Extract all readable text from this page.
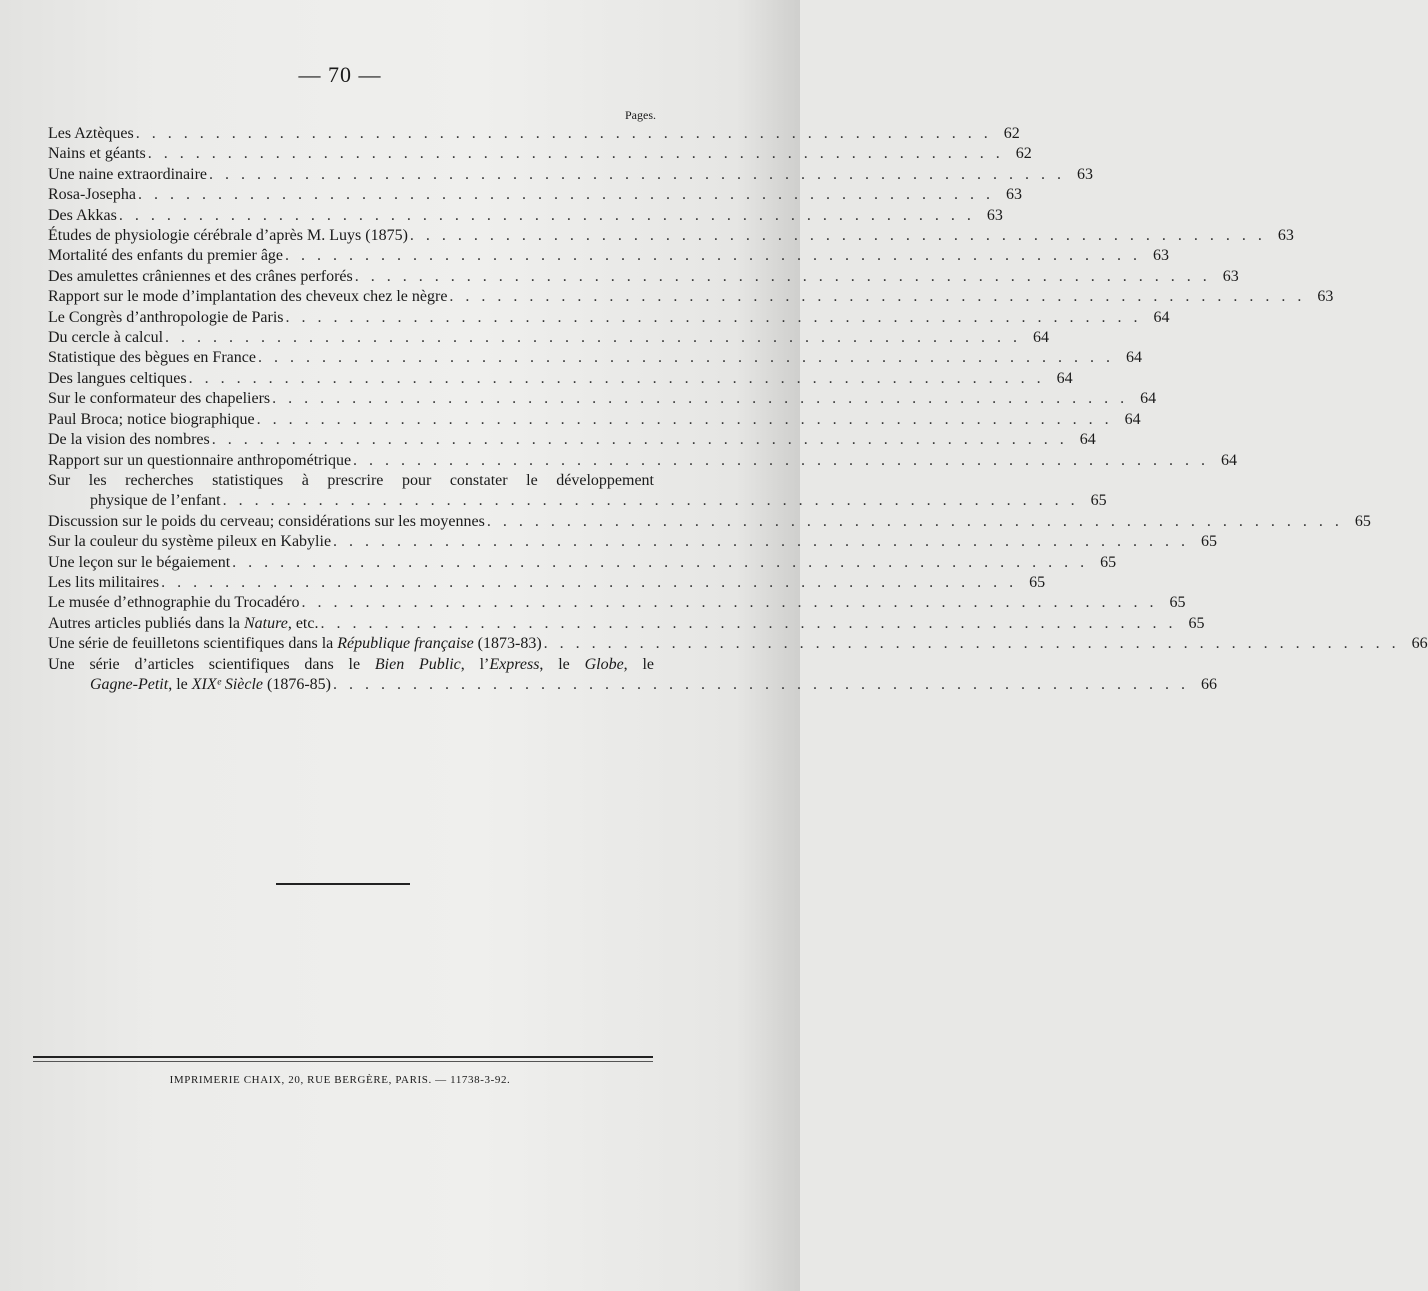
— 70 —
Pages.
Les Aztèques . . . . . . . . . . . . . . . . . . . . . . . . . . . . . . . . . . . . . . . . . . . . . . . . . . . . . . 62
Nains et géants . . . . . . . . . . . . . . . . . . . . . . . . . . . . . . . . . . . . . . . . . . . . . . . . . . . . . . 62
Une naine extraordinaire . . . . . . . . . . . . . . . . . . . . . . . . . . . . . . . . . . . . . . . . . . . . . . . . . . . . . . 63
Rosa-Josepha . . . . . . . . . . . . . . . . . . . . . . . . . . . . . . . . . . . . . . . . . . . . . . . . . . . . . . 63
Des Akkas . . . . . . . . . . . . . . . . . . . . . . . . . . . . . . . . . . . . . . . . . . . . . . . . . . . . . . 63
Études de physiologie cérébrale d’après M. Luys (1875) . . . . . . . . . . . . . . . . . . . . . . . . . . . . . . . . . . . . . . . . . . . . . . . . . . . . . . 63
Mortalité des enfants du premier âge . . . . . . . . . . . . . . . . . . . . . . . . . . . . . . . . . . . . . . . . . . . . . . . . . . . . . . 63
Des amulettes crâniennes et des crânes perforés . . . . . . . . . . . . . . . . . . . . . . . . . . . . . . . . . . . . . . . . . . . . . . . . . . . . . . 63
Rapport sur le mode d’implantation des cheveux chez le nègre . . . . . . . . . . . . . . . . . . . . . . . . . . . . . . . . . . . . . . . . . . . . . . . . . . . . . . 63
Le Congrès d’anthropologie de Paris . . . . . . . . . . . . . . . . . . . . . . . . . . . . . . . . . . . . . . . . . . . . . . . . . . . . . . 64
Du cercle à calcul . . . . . . . . . . . . . . . . . . . . . . . . . . . . . . . . . . . . . . . . . . . . . . . . . . . . . . 64
Statistique des bègues en France . . . . . . . . . . . . . . . . . . . . . . . . . . . . . . . . . . . . . . . . . . . . . . . . . . . . . . 64
Des langues celtiques . . . . . . . . . . . . . . . . . . . . . . . . . . . . . . . . . . . . . . . . . . . . . . . . . . . . . . 64
Sur le conformateur des chapeliers . . . . . . . . . . . . . . . . . . . . . . . . . . . . . . . . . . . . . . . . . . . . . . . . . . . . . . 64
Paul Broca; notice biographique . . . . . . . . . . . . . . . . . . . . . . . . . . . . . . . . . . . . . . . . . . . . . . . . . . . . . . 64
De la vision des nombres . . . . . . . . . . . . . . . . . . . . . . . . . . . . . . . . . . . . . . . . . . . . . . . . . . . . . . 64
Rapport sur un questionnaire anthropométrique . . . . . . . . . . . . . . . . . . . . . . . . . . . . . . . . . . . . . . . . . . . . . . . . . . . . . . 64
Sur les recherches statistiques à prescrire pour constater le développement
physique de l’enfant . . . . . . . . . . . . . . . . . . . . . . . . . . . . . . . . . . . . . . . . . . . . . . . . . . . . . . 65
Discussion sur le poids du cerveau; considérations sur les moyennes . . . . . . . . . . . . . . . . . . . . . . . . . . . . . . . . . . . . . . . . . . . . . . . . . . . . . . 65
Sur la couleur du système pileux en Kabylie . . . . . . . . . . . . . . . . . . . . . . . . . . . . . . . . . . . . . . . . . . . . . . . . . . . . . . 65
Une leçon sur le bégaiement . . . . . . . . . . . . . . . . . . . . . . . . . . . . . . . . . . . . . . . . . . . . . . . . . . . . . . 65
Les lits militaires . . . . . . . . . . . . . . . . . . . . . . . . . . . . . . . . . . . . . . . . . . . . . . . . . . . . . . 65
Le musée d’ethnographie du Trocadéro . . . . . . . . . . . . . . . . . . . . . . . . . . . . . . . . . . . . . . . . . . . . . . . . . . . . . . 65
Autres articles publiés dans la Nature, etc. . . . . . . . . . . . . . . . . . . . . . . . . . . . . . . . . . . . . . . . . . . . . . . . . . . . . . . 65
Une série de feuilletons scientifiques dans la République française (1873-83) . . . . . . . . . . . . . . . . . . . . . . . . . . . . . . . . . . . . . . . . . . . . . . . . . . . . . . 66
Une série d’articles scientifiques dans le Bien Public, l’Express, le Globe, le
Gagne-Petit, le XIXᵉ Siècle (1876-85) . . . . . . . . . . . . . . . . . . . . . . . . . . . . . . . . . . . . . . . . . . . . . . . . . . . . . . 66
IMPRIMERIE CHAIX, 20, RUE BERGÈRE, PARIS. — 11738-3-92.
